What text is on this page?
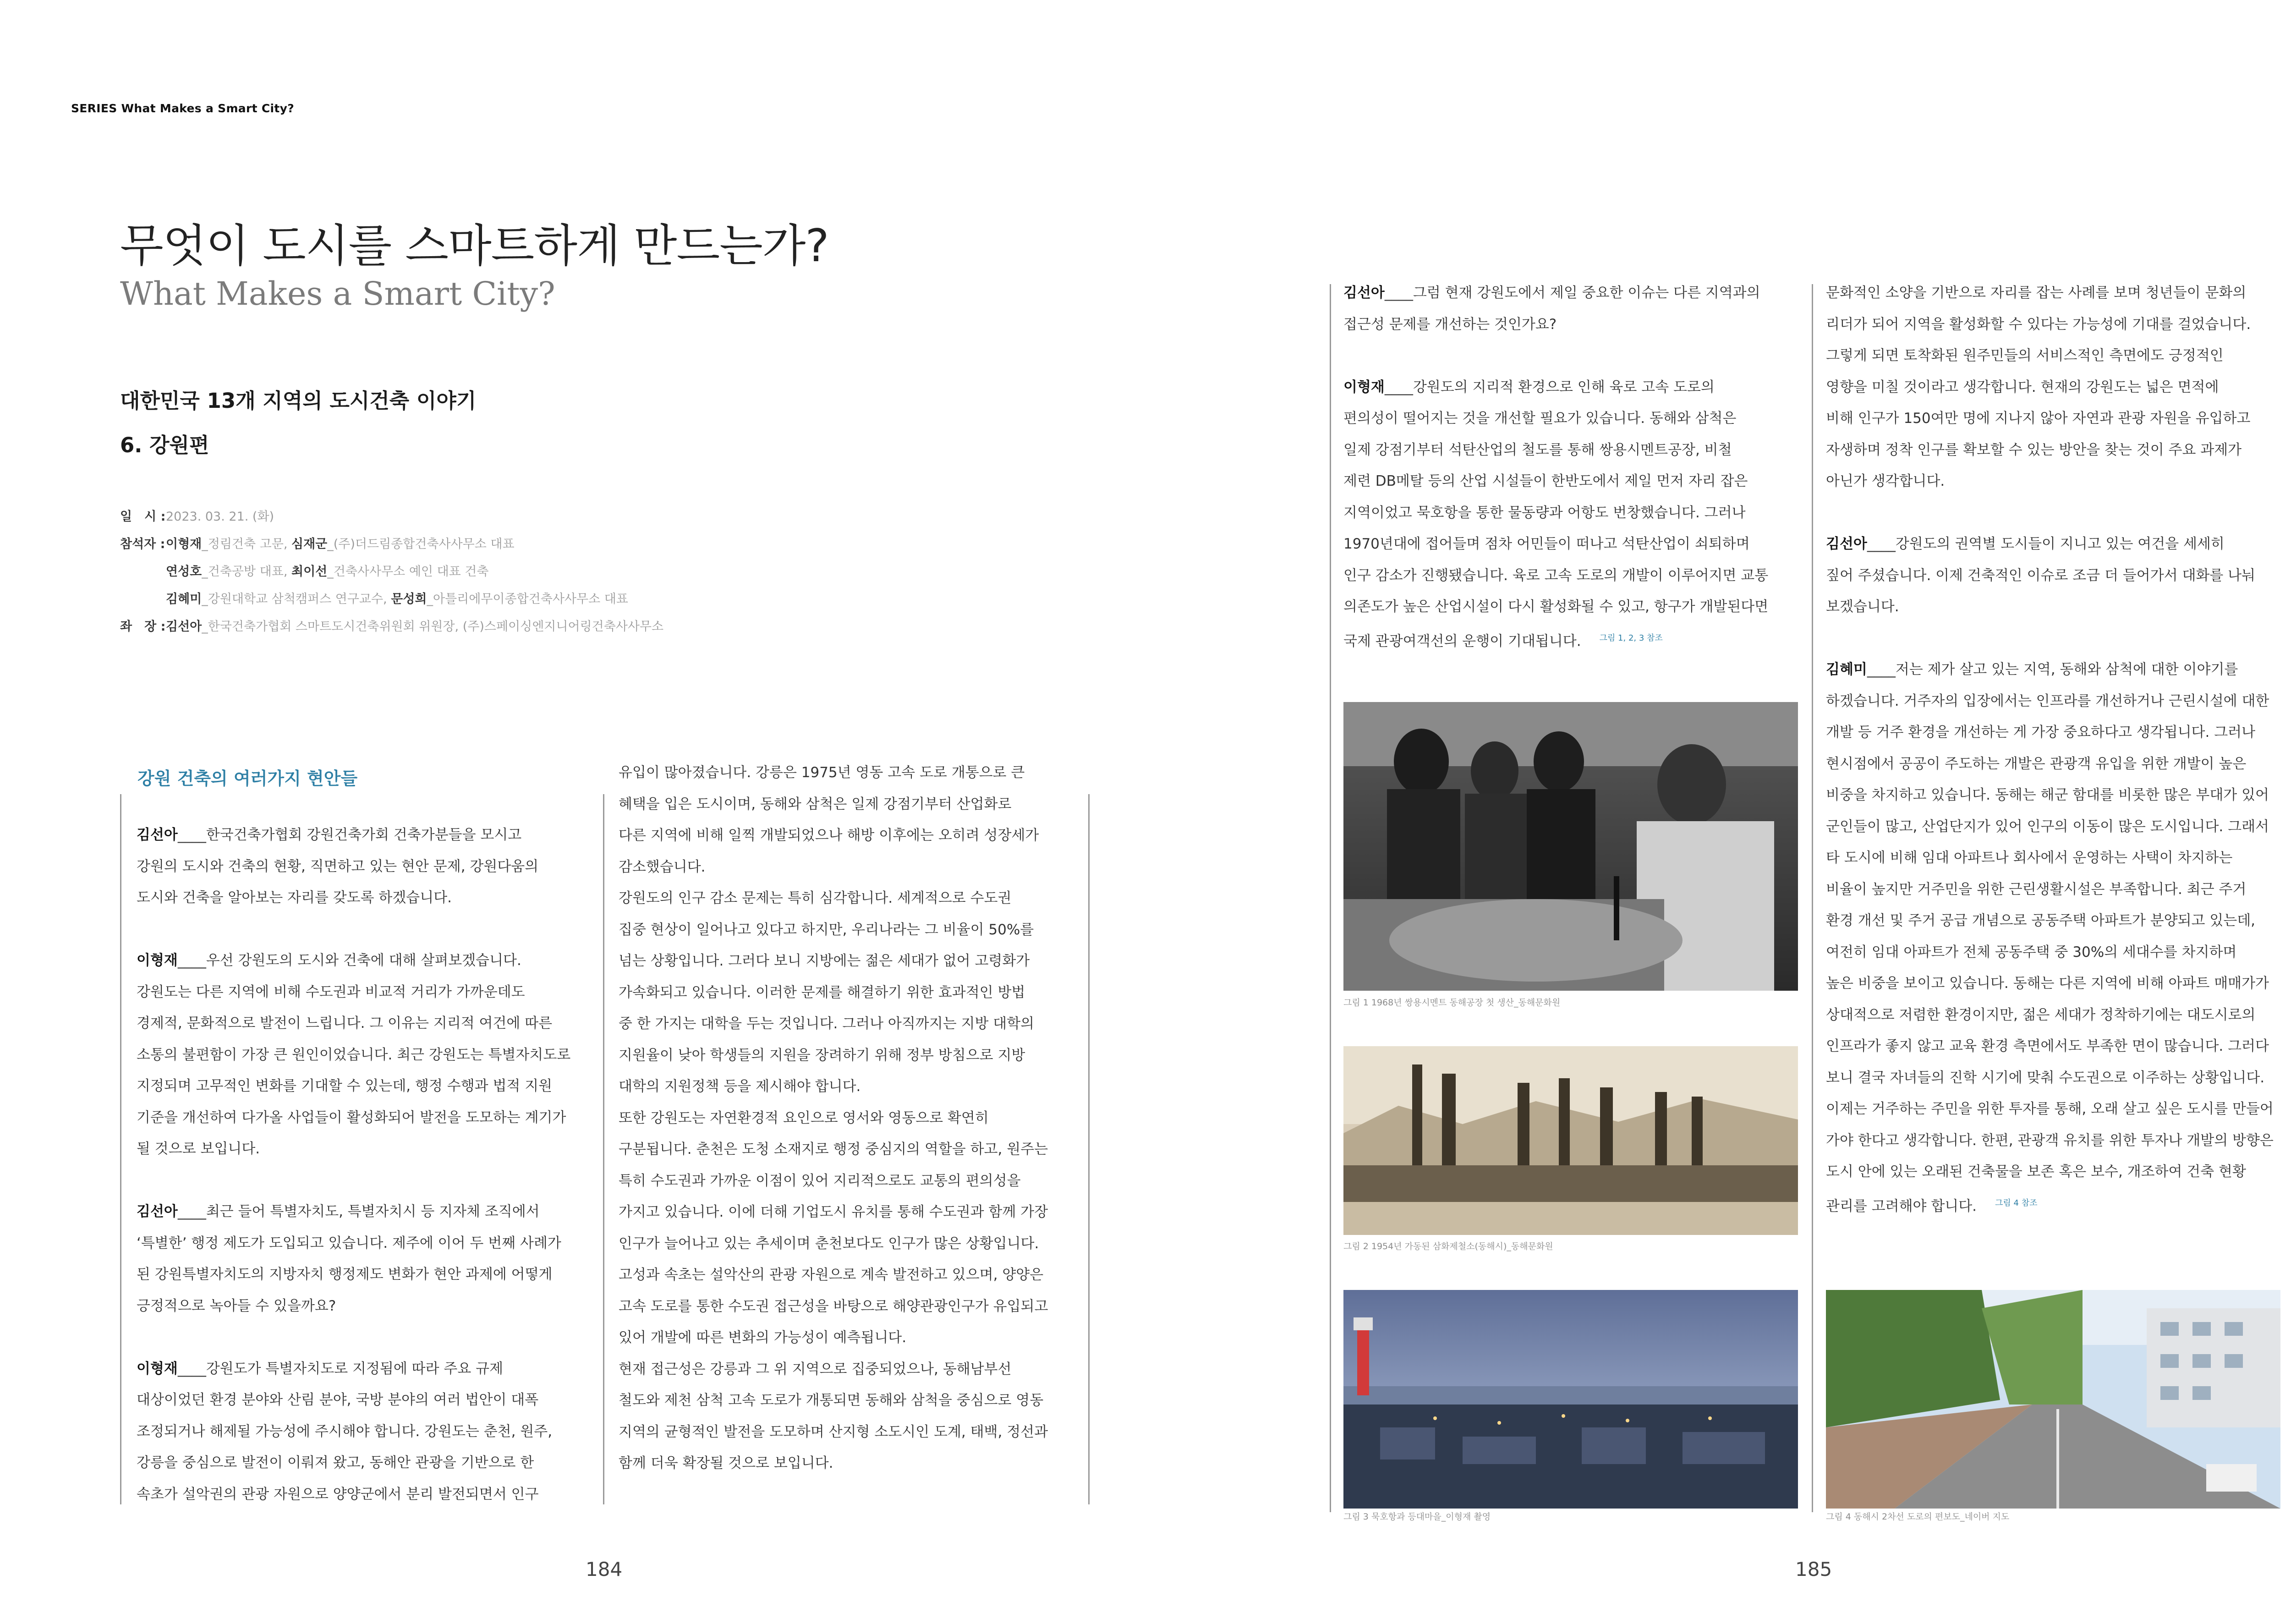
SERIES What Makes a Smart City?
무엇이 도시를 스마트하게 만드는가?
What Makes a Smart City?
대한민국 13개 지역의 도시건축 이야기
6. 강원편
일　시 :2023. 03. 21. (화)
참석자 :이형재_정림건축 고문, 심재군_(주)더드림종합건축사사무소 대표
연성호_건축공방 대표, 최이선_건축사사무소 예인 대표 건축
김혜미_강원대학교 삼척캠퍼스 연구교수, 문성희_아틀리에무이종합건축사사무소 대표
좌　장 :김선아_한국건축가협회 스마트도시건축위원회 위원장, (주)스페이싱엔지니어링건축사사무소
강원 건축의 여러가지 현안들

김선아____한국건축가협회 강원건축가회 건축가분들을 모시고

강원의 도시와 건축의 현황, 직면하고 있는 현안 문제, 강원다움의

도시와 건축을 알아보는 자리를 갖도록 하겠습니다.

이형재____우선 강원도의 도시와 건축에 대해 살펴보겠습니다.

강원도는 다른 지역에 비해 수도권과 비교적 거리가 가까운데도

경제적, 문화적으로 발전이 느립니다. 그 이유는 지리적 여건에 따른

소통의 불편함이 가장 큰 원인이었습니다. 최근 강원도는 특별자치도로

지정되며 고무적인 변화를 기대할 수 있는데, 행정 수행과 법적 지원

기준을 개선하여 다가올 사업들이 활성화되어 발전을 도모하는 계기가

될 것으로 보입니다.

김선아____최근 들어 특별자치도, 특별자치시 등 지자체 조직에서

‘특별한’ 행정 제도가 도입되고 있습니다. 제주에 이어 두 번째 사례가

된 강원특별자치도의 지방자치 행정제도 변화가 현안 과제에 어떻게

긍정적으로 녹아들 수 있을까요?

이형재____강원도가 특별자치도로 지정됨에 따라 주요 규제

대상이었던 환경 분야와 산림 분야, 국방 분야의 여러 법안이 대폭

조정되거나 해제될 가능성에 주시해야 합니다. 강원도는 춘천, 원주,

강릉을 중심으로 발전이 이뤄져 왔고, 동해안 관광을 기반으로 한

속초가 설악권의 관광 자원으로 양양군에서 분리 발전되면서 인구

유입이 많아졌습니다. 강릉은 1975년 영동 고속 도로 개통으로 큰

혜택을 입은 도시이며, 동해와 삼척은 일제 강점기부터 산업화로

다른 지역에 비해 일찍 개발되었으나 해방 이후에는 오히려 성장세가

감소했습니다.

강원도의 인구 감소 문제는 특히 심각합니다. 세계적으로 수도권

집중 현상이 일어나고 있다고 하지만, 우리나라는 그 비율이 50%를

넘는 상황입니다. 그러다 보니 지방에는 젊은 세대가 없어 고령화가

가속화되고 있습니다. 이러한 문제를 해결하기 위한 효과적인 방법

중 한 가지는 대학을 두는 것입니다. 그러나 아직까지는 지방 대학의

지원율이 낮아 학생들의 지원을 장려하기 위해 정부 방침으로 지방

대학의 지원정책 등을 제시해야 합니다.

또한 강원도는 자연환경적 요인으로 영서와 영동으로 확연히

구분됩니다. 춘천은 도청 소재지로 행정 중심지의 역할을 하고, 원주는

특히 수도권과 가까운 이점이 있어 지리적으로도 교통의 편의성을

가지고 있습니다. 이에 더해 기업도시 유치를 통해 수도권과 함께 가장

인구가 늘어나고 있는 추세이며 춘천보다도 인구가 많은 상황입니다.

고성과 속초는 설악산의 관광 자원으로 계속 발전하고 있으며, 양양은

고속 도로를 통한 수도권 접근성을 바탕으로 해양관광인구가 유입되고

있어 개발에 따른 변화의 가능성이 예측됩니다.

현재 접근성은 강릉과 그 위 지역으로 집중되었으나, 동해남부선

철도와 제천 삼척 고속 도로가 개통되면 동해와 삼척을 중심으로 영동

지역의 균형적인 발전을 도모하며 산지형 소도시인 도계, 태백, 정선과

함께 더욱 확장될 것으로 보입니다.

김선아____그럼 현재 강원도에서 제일 중요한 이슈는 다른 지역과의

접근성 문제를 개선하는 것인가요?

이형재____강원도의 지리적 환경으로 인해 육로 고속 도로의

편의성이 떨어지는 것을 개선할 필요가 있습니다. 동해와 삼척은

일제 강점기부터 석탄산업의 철도를 통해 쌍용시멘트공장, 비철

제련 DB메탈 등의 산업 시설들이 한반도에서 제일 먼저 자리 잡은

지역이었고 묵호항을 통한 물동량과 어항도 번창했습니다. 그러나

1970년대에 접어들며 점차 어민들이 떠나고 석탄산업이 쇠퇴하며

인구 감소가 진행됐습니다. 육로 고속 도로의 개발이 이루어지면 교통

의존도가 높은 산업시설이 다시 활성화될 수 있고, 항구가 개발된다면

국제 관광여객선의 운행이 기대됩니다. $^{그림 1, 2, 3 참조}$

문화적인 소양을 기반으로 자리를 잡는 사례를 보며 청년들이 문화의

리더가 되어 지역을 활성화할 수 있다는 가능성에 기대를 걸었습니다.

그렇게 되면 토착화된 원주민들의 서비스적인 측면에도 긍정적인

영향을 미칠 것이라고 생각합니다. 현재의 강원도는 넓은 면적에

비해 인구가 150여만 명에 지나지 않아 자연과 관광 자원을 유입하고

자생하며 정착 인구를 확보할 수 있는 방안을 찾는 것이 주요 과제가

아닌가 생각합니다.

김선아____강원도의 권역별 도시들이 지니고 있는 여건을 세세히

짚어 주셨습니다. 이제 건축적인 이슈로 조금 더 들어가서 대화를 나눠

보겠습니다.

김혜미____저는 제가 살고 있는 지역, 동해와 삼척에 대한 이야기를

하겠습니다. 거주자의 입장에서는 인프라를 개선하거나 근린시설에 대한

개발 등 거주 환경을 개선하는 게 가장 중요하다고 생각됩니다. 그러나

현시점에서 공공이 주도하는 개발은 관광객 유입을 위한 개발이 높은

비중을 차지하고 있습니다. 동해는 해군 함대를 비롯한 많은 부대가 있어

군인들이 많고, 산업단지가 있어 인구의 이동이 많은 도시입니다. 그래서

타 도시에 비해 임대 아파트나 회사에서 운영하는 사택이 차지하는

비율이 높지만 거주민을 위한 근린생활시설은 부족합니다. 최근 주거

환경 개선 및 주거 공급 개념으로 공동주택 아파트가 분양되고 있는데,

여전히 임대 아파트가 전체 공동주택 중 30%의 세대수를 차지하며

높은 비중을 보이고 있습니다. 동해는 다른 지역에 비해 아파트 매매가가

상대적으로 저렴한 환경이지만, 젊은 세대가 정착하기에는 대도시로의

인프라가 좋지 않고 교육 환경 측면에서도 부족한 면이 많습니다. 그러다

보니 결국 자녀들의 진학 시기에 맞춰 수도권으로 이주하는 상황입니다.

이제는 거주하는 주민을 위한 투자를 통해, 오래 살고 싶은 도시를 만들어

가야 한다고 생각합니다. 한편, 관광객 유치를 위한 투자나 개발의 방향은

도시 안에 있는 오래된 건축물을 보존 혹은 보수, 개조하여 건축 현황

관리를 고려해야 합니다. $^{그림 4 참조}$

그림 1 1968년 쌍용시멘트 동해공장 첫 생산_동해문화원
그림 2 1954년 가동된 삼화제철소(동해시)_동해문화원
그림 3 묵호항과 등대마을_이형재 촬영	그림 4 동해시 2차선 도로의 편보도_네이버 지도
184	185
